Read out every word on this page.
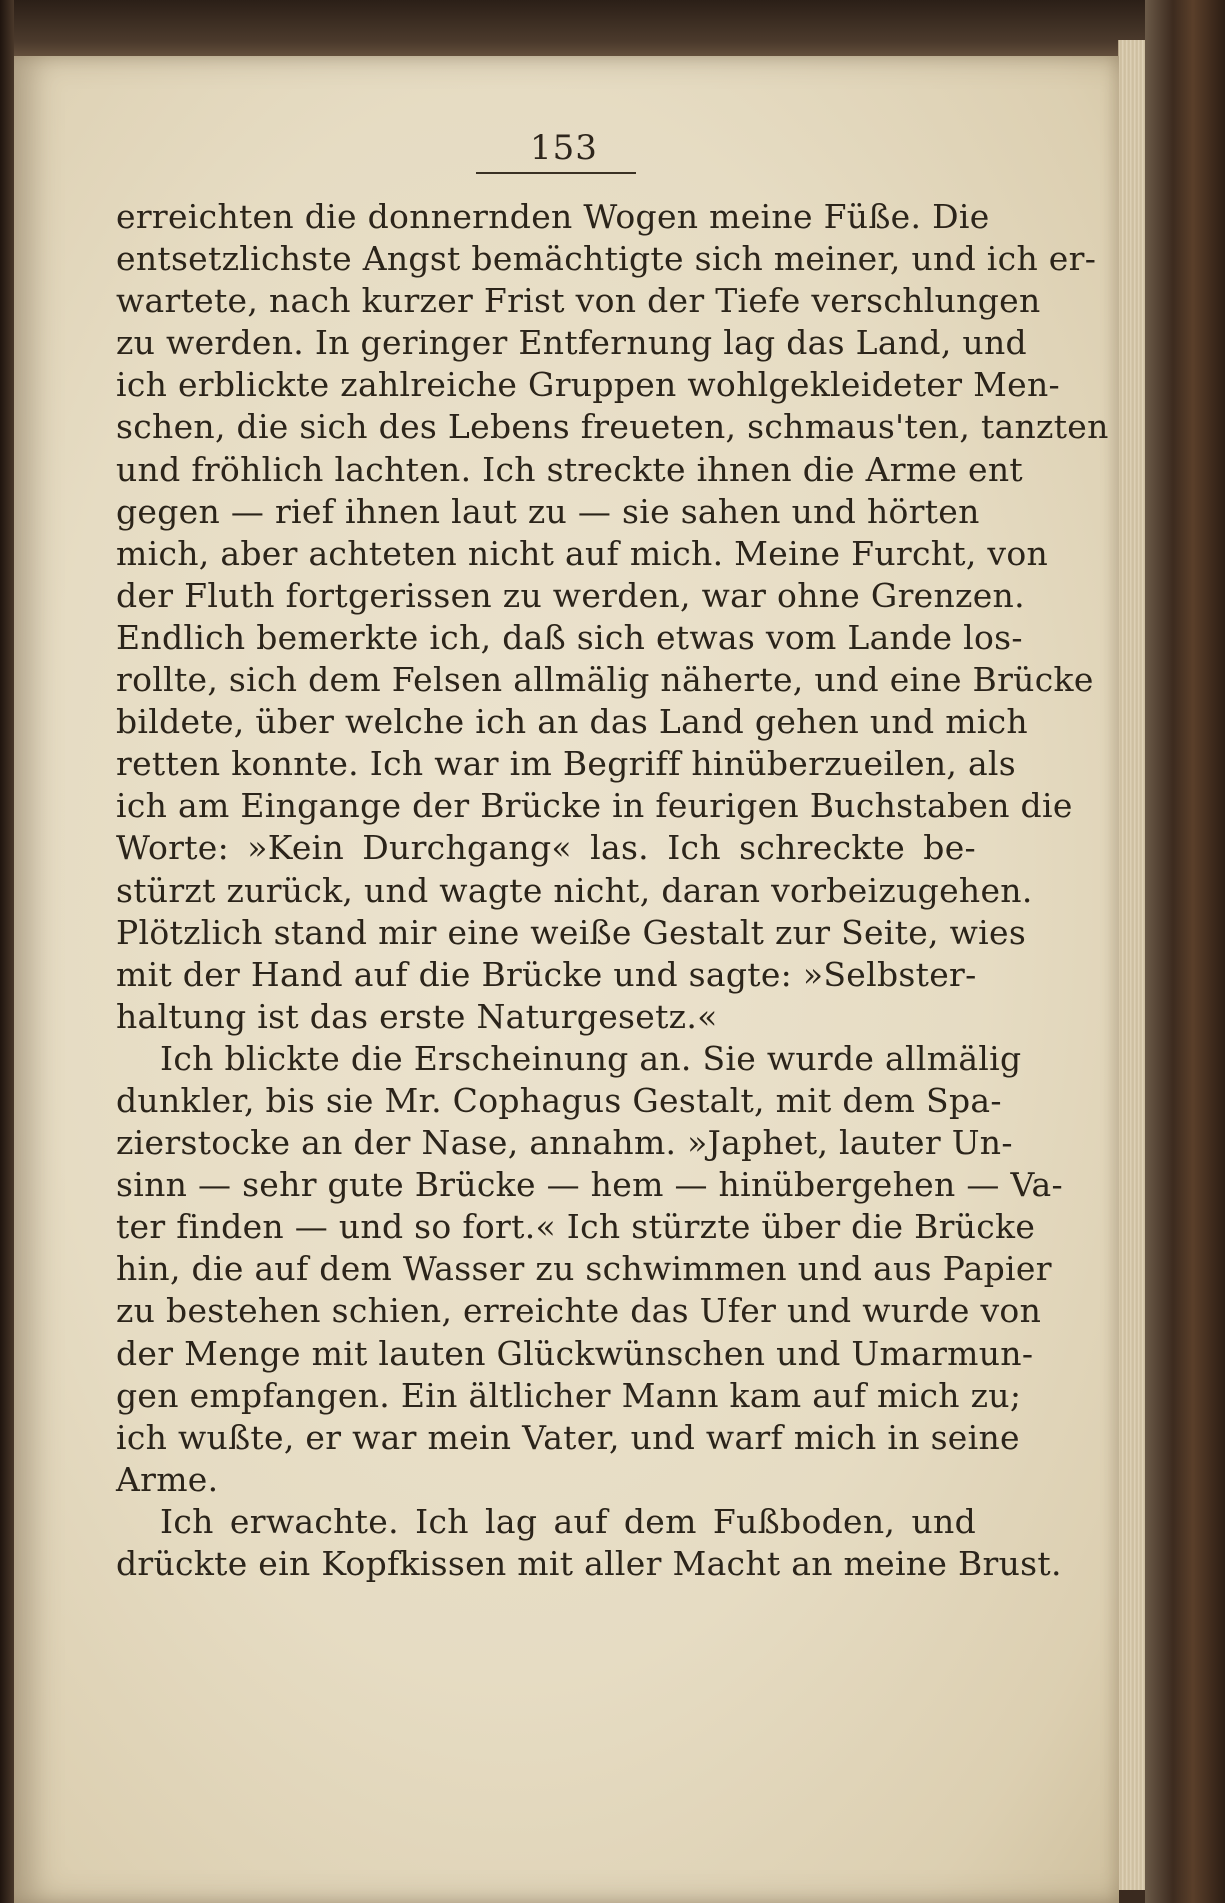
153
erreichten die donnernden Wogen meine Füße. Die
entsetzlichste Angst bemächtigte sich meiner, und ich er-
wartete, nach kurzer Frist von der Tiefe verschlungen
zu werden. In geringer Entfernung lag das Land, und
ich erblickte zahlreiche Gruppen wohlgekleideter Men-
schen, die sich des Lebens freueten, schmaus'ten, tanzten
und fröhlich lachten. Ich streckte ihnen die Arme ent
gegen — rief ihnen laut zu — sie sahen und hörten
mich, aber achteten nicht auf mich. Meine Furcht, von
der Fluth fortgerissen zu werden, war ohne Grenzen.
Endlich bemerkte ich, daß sich etwas vom Lande los-
rollte, sich dem Felsen allmälig näherte, und eine Brücke
bildete, über welche ich an das Land gehen und mich
retten konnte. Ich war im Begriff hinüberzueilen, als
ich am Eingange der Brücke in feurigen Buchstaben die
Worte: »Kein Durchgang« las. Ich schreckte be-
stürzt zurück, und wagte nicht, daran vorbeizugehen.
Plötzlich stand mir eine weiße Gestalt zur Seite, wies
mit der Hand auf die Brücke und sagte: »Selbster-
haltung ist das erste Naturgesetz.«
Ich blickte die Erscheinung an. Sie wurde allmälig
dunkler, bis sie Mr. Cophagus Gestalt, mit dem Spa-
zierstocke an der Nase, annahm. »Japhet, lauter Un-
sinn — sehr gute Brücke — hem — hinübergehen — Va-
ter finden — und so fort.« Ich stürzte über die Brücke
hin, die auf dem Wasser zu schwimmen und aus Papier
zu bestehen schien, erreichte das Ufer und wurde von
der Menge mit lauten Glückwünschen und Umarmun-
gen empfangen. Ein ältlicher Mann kam auf mich zu;
ich wußte, er war mein Vater, und warf mich in seine
Arme.
Ich erwachte. Ich lag auf dem Fußboden, und
drückte ein Kopfkissen mit aller Macht an meine Brust.
